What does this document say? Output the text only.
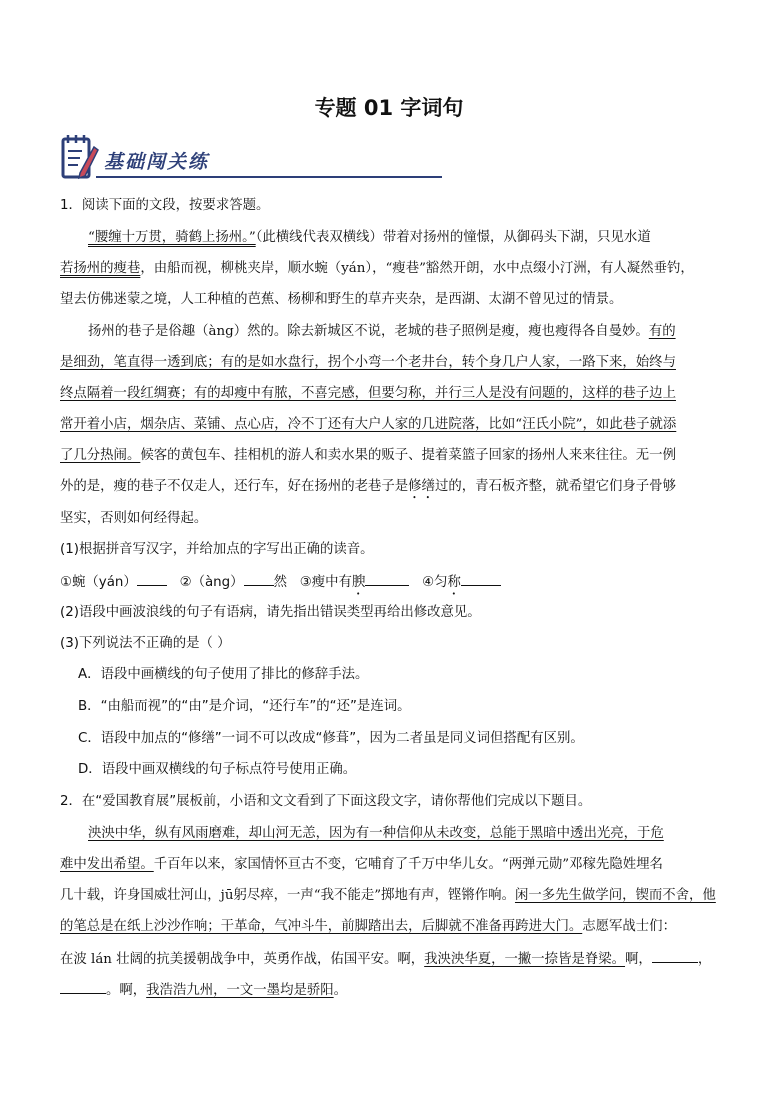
专题 01 字词句
基础闯关练
1．阅读下面的文段，按要求答题。
“腰缠十万贯，骑鹤上扬州。”（此横线代表双横线）带着对扬州的憧憬，从御码头下湖，只见水道
若扬州的瘦巷，由船而视，柳桃夹岸，顺水蜿（yán），“瘦巷”豁然开朗，水中点缀小汀洲，有人凝然垂钓，
望去仿佛迷蒙之境，人工种植的芭蕉、杨柳和野生的草卉夹杂，是西湖、太湖不曾见过的情景。
扬州的巷子是俗趣（àng）然的。除去新城区不说，老城的巷子照例是瘦，瘦也瘦得各自曼妙。有的
是细劲，笔直得一透到底；有的是如水盘行，拐个小弯一个老井台，转个身几户人家，一路下来，始终与
终点隔着一段红绸赛；有的却瘦中有脓，不喜完感，但要匀称，并行三人是没有问题的，这样的巷子边上
常开着小店，烟杂店、菜铺、点心店，冷不丁还有大户人家的几进院落，比如“汪氏小院”，如此巷子就添
了几分热闹。候客的黄包车、挂相机的游人和卖水果的贩子、提着菜篮子回家的扬州人来来往往。无一例
外的是，瘦的巷子不仅走人，还行车，好在扬州的老巷子是修缮过的，青石板齐整，就希望它们身子骨够
坚实，否则如何经得起。
(1)根据拼音写汉字，并给加点的字写出正确的读音。
①蜿（yán）	②（àng） 然 ③瘦中有腴	④匀称
(2)语段中画波浪线的句子有语病，请先指出错误类型再给出修改意见。
(3)下列说法不正确的是（ ）
A．语段中画横线的句子使用了排比的修辞手法。
B．“由船而视”的“由”是介词，“还行车”的“还”是连词。
C．语段中加点的“修缮”一词不可以改成“修葺”，因为二者虽是同义词但搭配有区别。
D．语段中画双横线的句子标点符号使用正确。
2．在“爱国教育展”展板前，小语和文文看到了下面这段文字，请你帮他们完成以下题目。
泱泱中华，纵有风雨磨难，却山河无恙，因为有一种信仰从未改变，总能于黑暗中透出光亮，于危
难中发出希望。千百年以来，家国情怀亘古不变，它哺育了千万中华儿女。“两弹元勋”邓稼先隐姓埋名
几十载，许身国威壮河山，jū躬尽瘁，一声“我不能走”掷地有声，铿锵作响。闲一多先生做学问，锲而不舍，他
的笔总是在纸上沙沙作响；干革命，气冲斗牛，前脚踏出去，后脚就不准备再跨进大门。志愿军战士们：
在波 lán 壮阔的抗美援朝战争中，英勇作战，佑国平安。啊，我泱泱华夏，一撇一捺皆是脊梁。啊，	，
。啊，我浩浩九州，一文一墨均是骄阳。
